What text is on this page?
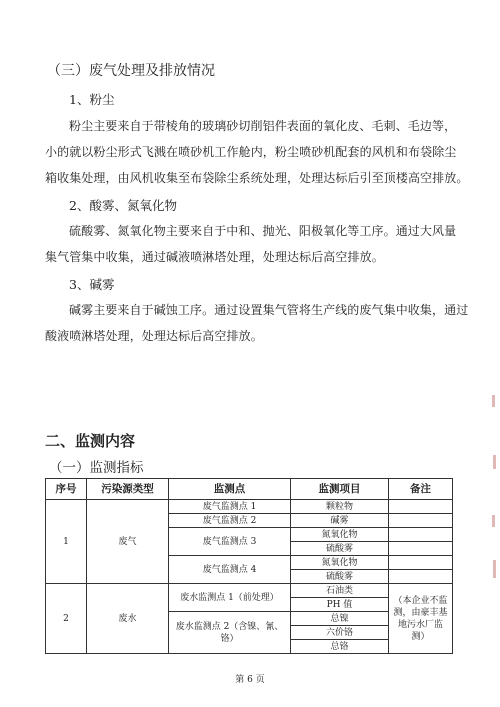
（三）废气处理及排放情况
1、粉尘
粉尘主要来自于带棱角的玻璃砂切削铝件表面的氧化皮、毛刺、毛边等，
小的就以粉尘形式飞溅在喷砂机工作舱内，粉尘喷砂机配套的风机和布袋除尘
箱收集处理，由风机收集至布袋除尘系统处理，处理达标后引至顶楼高空排放。
2、酸雾、氮氧化物
硫酸雾、氮氧化物主要来自于中和、抛光、阳极氧化等工序。通过大风量
集气管集中收集，通过碱液喷淋塔处理，处理达标后高空排放。
3、碱雾
碱雾主要来自于碱蚀工序。通过设置集气管将生产线的废气集中收集，通过
酸液喷淋塔处理，处理达标后高空排放。
二、监测内容
（一）监测指标
序号	污染源类型	监测点	监测项目	备注
1	废气	废气监测点 1	颗粒物	
		废气监测点 2	碱雾	
		废气监测点 3	氮氧化物	
			硫酸雾	
		废气监测点 4	氮氧化物	
			硫酸雾	
2	废水	废水监测点 1（前处理）	石油类	（本企业不监测，由豪丰基地污水厂监测）
			PH 值	
		废水监测点 2（含镍、氰、铬）	总镍	
			六价铬	
			总铬	
第 6 页
